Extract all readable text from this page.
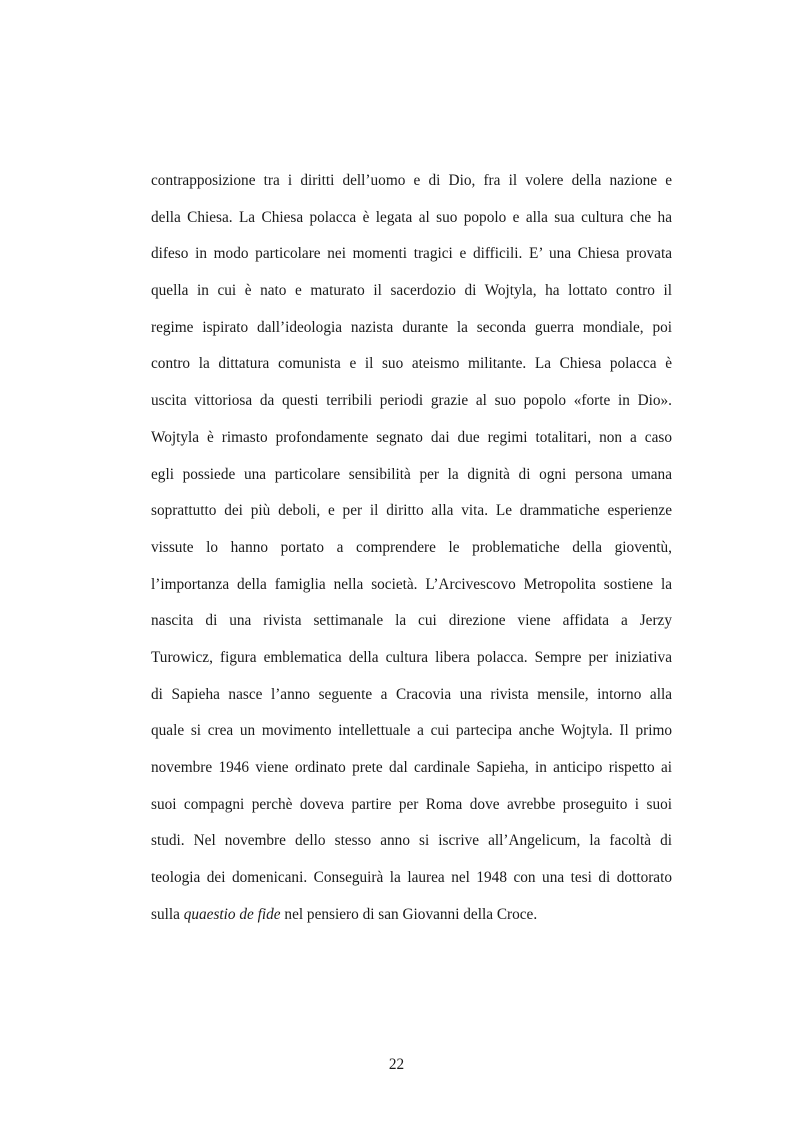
contrapposizione tra i diritti dell’uomo e di Dio, fra il volere della nazione e
della Chiesa. La Chiesa polacca è legata al suo popolo e alla sua cultura che ha
difeso in modo particolare nei momenti tragici e difficili. E’ una Chiesa provata
quella in cui è nato e maturato il sacerdozio di Wojtyla, ha lottato contro il
regime ispirato dall’ideologia nazista durante la seconda guerra mondiale, poi
contro la dittatura comunista e il suo ateismo militante. La Chiesa polacca è
uscita vittoriosa da questi terribili periodi grazie al suo popolo «forte in Dio».
Wojtyla è rimasto profondamente segnato dai due regimi totalitari, non a caso
egli possiede una particolare sensibilità per la dignità di ogni persona umana
soprattutto dei più deboli, e per il diritto alla vita. Le drammatiche esperienze
vissute lo hanno portato a comprendere le problematiche della gioventù,
l’importanza della famiglia nella società. L’Arcivescovo Metropolita sostiene la
nascita di una rivista settimanale la cui direzione viene affidata a Jerzy
Turowicz, figura emblematica della cultura libera polacca. Sempre per iniziativa
di Sapieha nasce l’anno seguente a Cracovia una rivista mensile, intorno alla
quale si crea un movimento intellettuale a cui partecipa anche Wojtyla. Il primo
novembre 1946 viene ordinato prete dal cardinale Sapieha, in anticipo rispetto ai
suoi compagni perchè doveva partire per Roma dove avrebbe proseguito i suoi
studi. Nel novembre dello stesso anno si iscrive all’Angelicum, la facoltà di
teologia dei domenicani. Conseguirà la laurea nel 1948 con una tesi di dottorato
sulla quaestio de fide nel pensiero di san Giovanni della Croce.
22
